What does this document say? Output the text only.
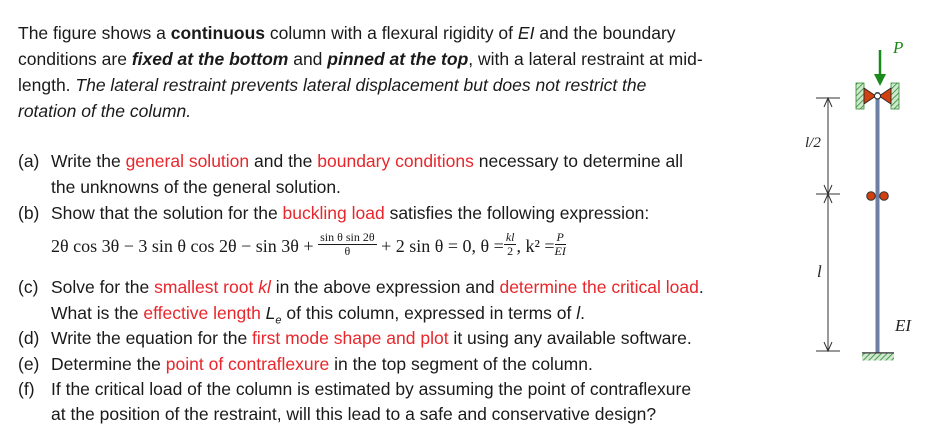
The figure shows a continuous column with a flexural rigidity of EI and the boundary
conditions are fixed at the bottom and pinned at the top, with a lateral restraint at mid-
length. The lateral restraint prevents lateral displacement but does not restrict the
rotation of the column.
(a) Write the general solution and the boundary conditions necessary to determine all
the unknowns of the general solution.
(b) Show that the solution for the buckling load satisfies the following expression:
2θ cos 3θ − 3 sin θ $\cos 2\theta - \sin 3\theta + \frac{\text{sin θ sin 2θ}}{\theta} + 2$ sin θ = 0, $\theta = \frac{kl}{2}$ , $k^2 = \frac{P}{EI}$
(c) Solve for the smallest root kl in the above expression and determine the critical load.
What is the effective length $L_e$ of this column, expressed in terms of l.
(d) Write the equation for the first mode shape and plot it using any available software.
(e) Determine the point of contraflexure in the top segment of the column.
(f) If the critical load of the column is estimated by assuming the point of contraflexure
at the position of the restraint, will this lead to a safe and conservative design?
P
l/2
l
EI
